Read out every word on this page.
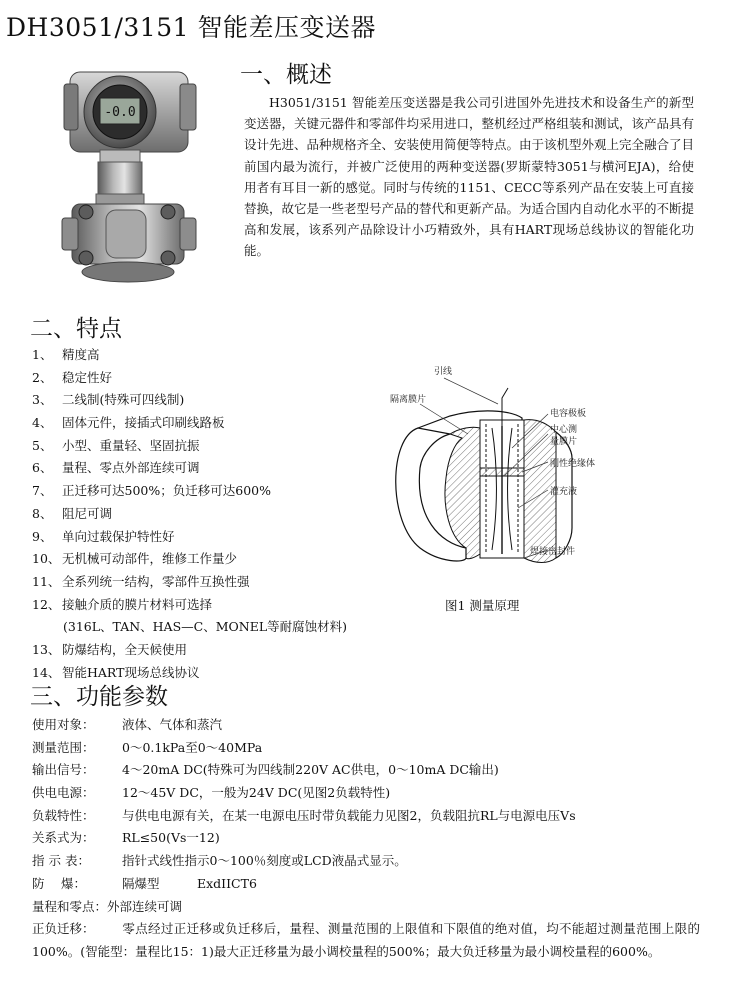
DH3051/3151 智能差压变送器
-0.0
一、概述
H3051/3151 智能差压变送器是我公司引进国外先进技术和设备生产的新型变送器，关键元器件和零部件均采用进口，整机经过严格组装和测试，该产品具有设计先进、品种规格齐全、安装使用简便等特点。由于该机型外观上完全融合了目前国内最为流行，并被广泛使用的两种变送器(罗斯蒙特3051与横河EJA)，给使用者有耳目一新的感觉。同时与传统的1151、CECC等系列产品在安装上可直接替换，故它是一些老型号产品的替代和更新产品。为适合国内自动化水平的不断提高和发展，该系列产品除设计小巧精致外，具有HART现场总线协议的智能化功能。
二、特点
1、 精度高
2、 稳定性好
3、 二线制(特殊可四线制)
4、 固体元件，接插式印刷线路板
5、 小型、重量轻、坚固抗振
6、 量程、零点外部连续可调
7、 正迁移可达500%；负迁移可达600%
8、 阻尼可调
9、 单向过载保护特性好
10、 无机械可动部件，维修工作量少
11、 全系列统一结构，零部件互换性强
12、 接触介质的膜片材料可选择
(316L、TAN、HAS—C、MONEL等耐腐蚀材料)
13、 防爆结构，全天候使用
14、 智能HART现场总线协议
引线
隔离膜片
电容极板
中心测
量膜片
刚性绝缘体
灌充液
焊接密封件
图1 测量原理
三、功能参数
使用对象： 液体、气体和蒸汽
测量范围： 0～0.1kPa至0～40MPa
输出信号： 4～20mA DC(特殊可为四线制220V AC供电，0～10mA DC输出)
供电电源： 12～45V DC，一般为24V DC(见图2负载特性)
负载特性： 与供电电源有关，在某一电源电压时带负载能力见图2，负载阻抗RL与电源电压Vs
关系式为： RL≤50(Vs一12)
指 示 表：	指针式线性指示0～100％刻度或LCD液晶式显示。
防　 爆：	隔爆型　　　ExdIICT6
量程和零点：外部连续可调
正负迁移： 零点经过正迁移或负迁移后，量程、测量范围的上限值和下限值的绝对值，均不能超过测量范围上限的100%。(智能型：量程比15：1)最大正迁移量为最小调校量程的500%；最大负迁移量为最小调校量程的600%。
